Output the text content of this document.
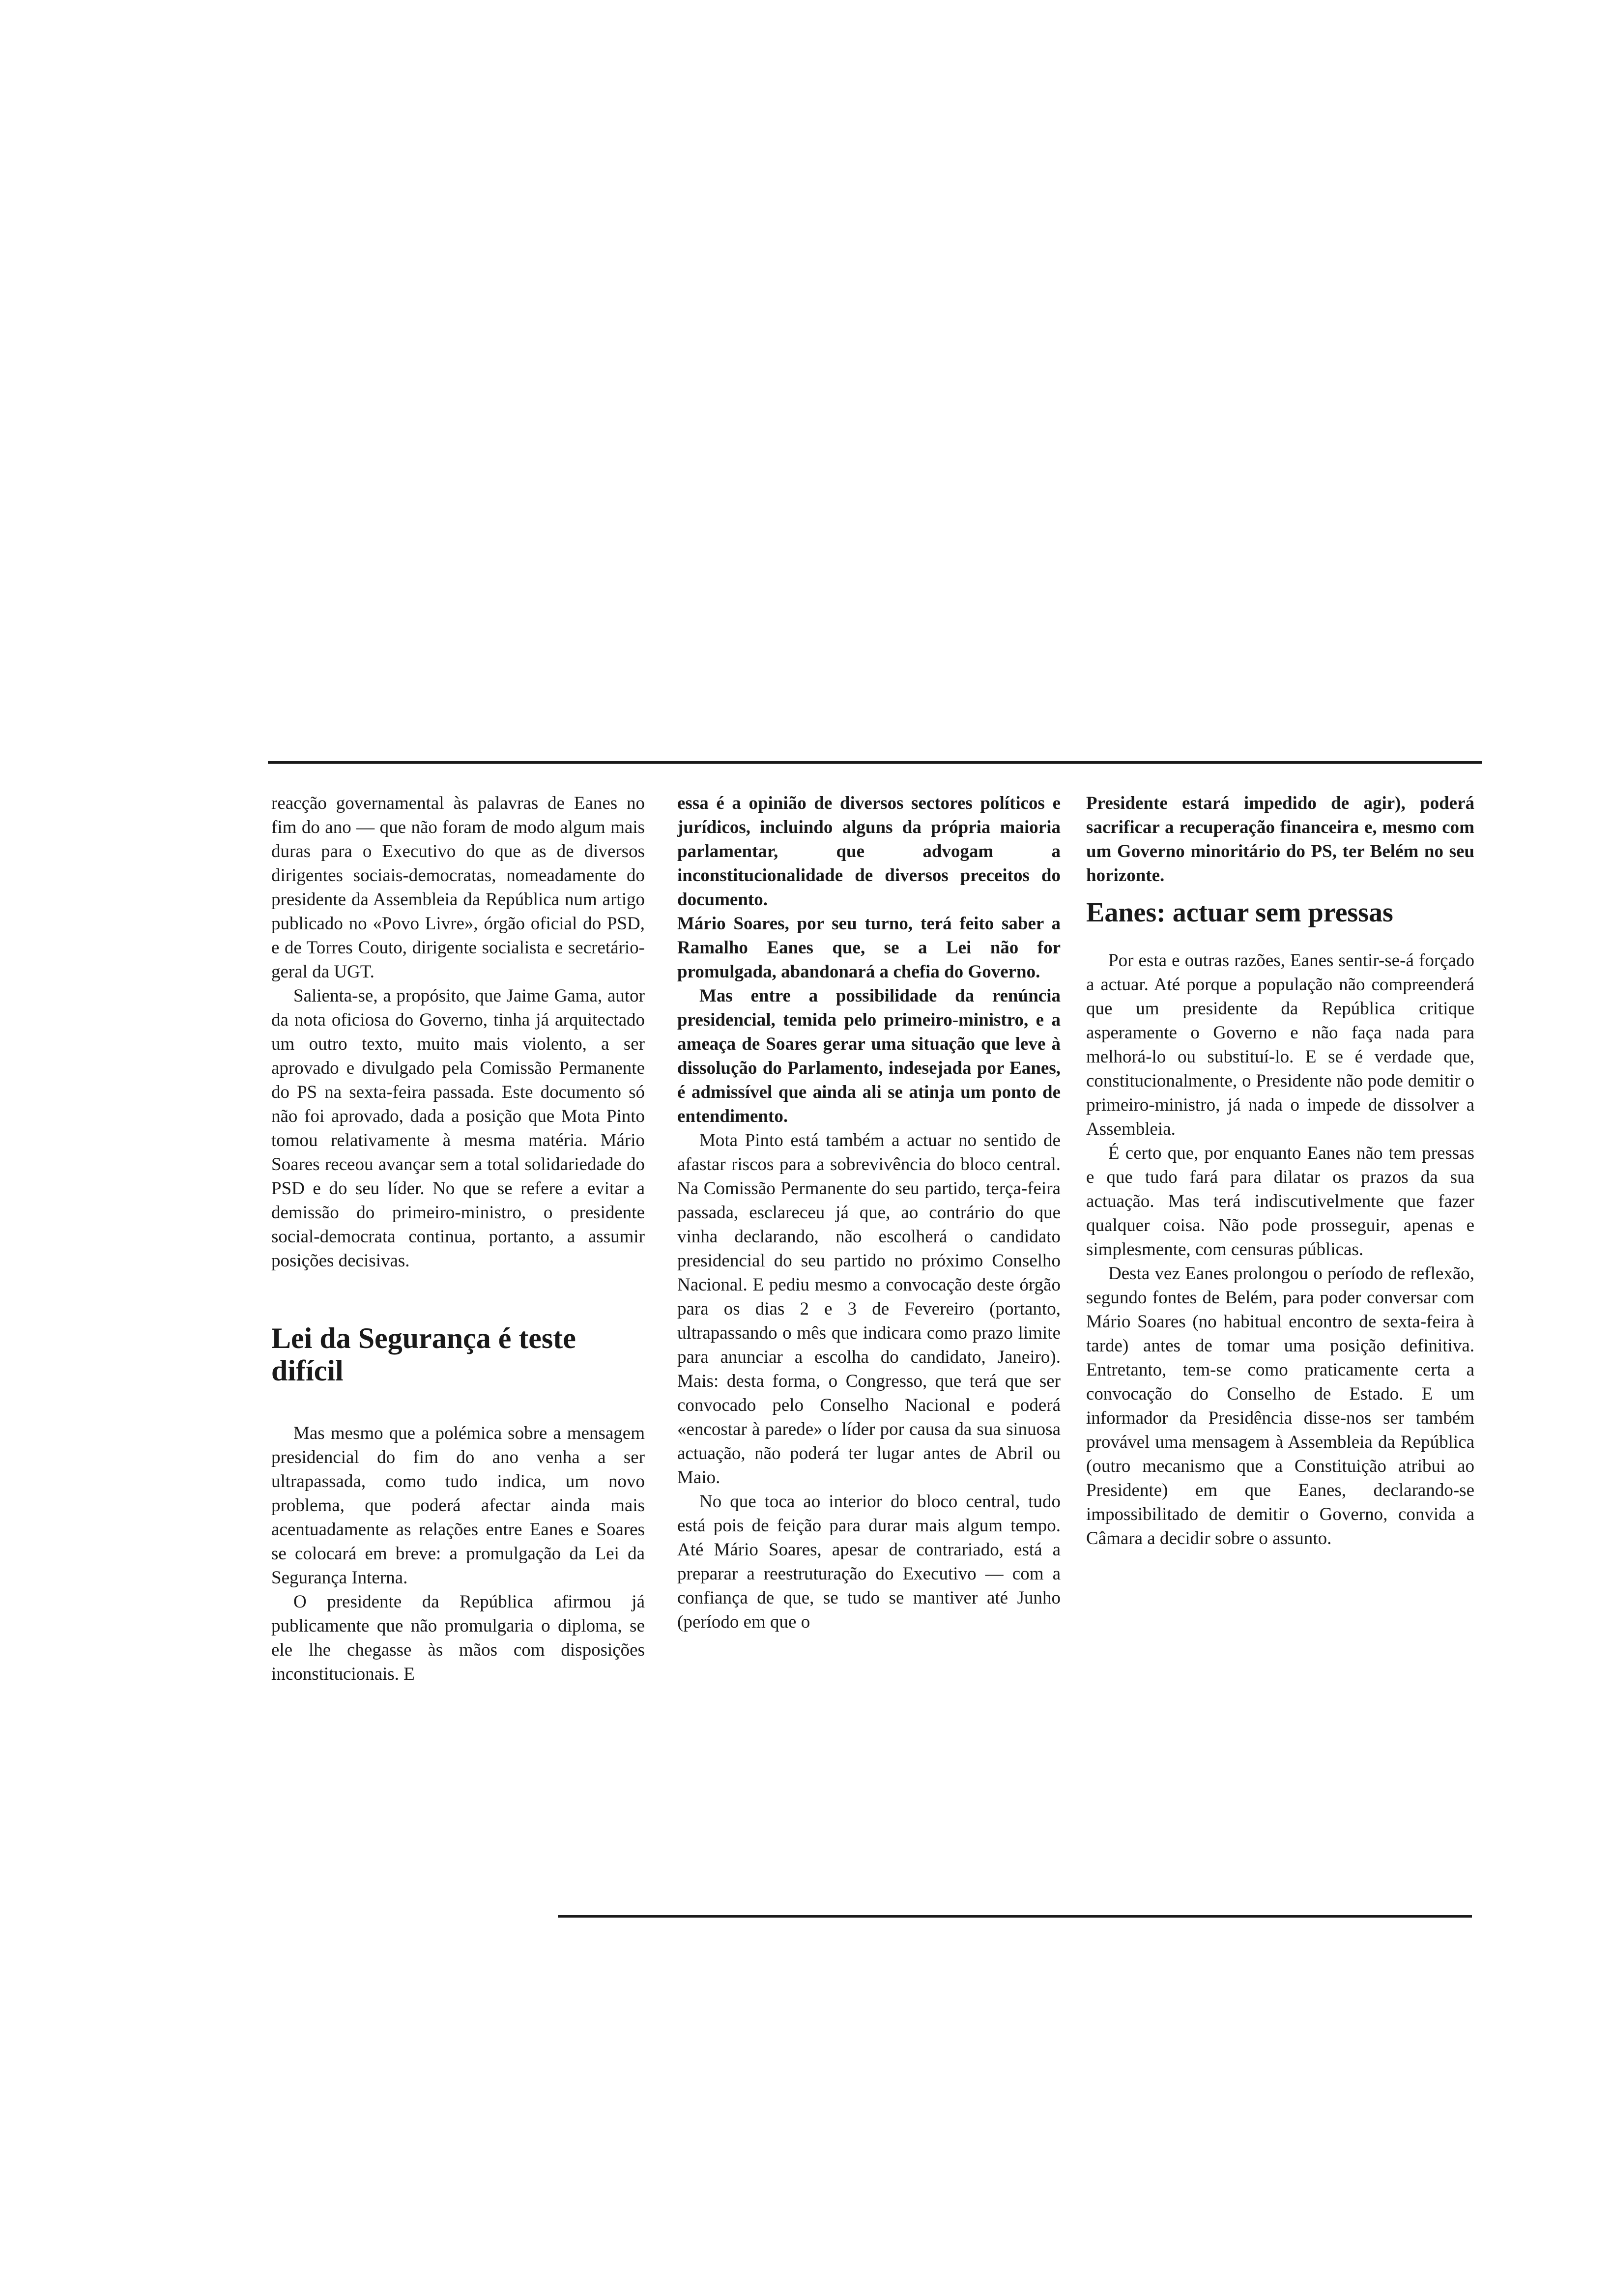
reacção governamental às palavras de Eanes no fim do ano — que não foram de modo algum mais duras para o Executivo do que as de diversos dirigentes sociais-democratas, nomeadamente do presidente da Assembleia da República num artigo publicado no «Povo Livre», órgão oficial do PSD, e de Torres Couto, dirigente socialista e secretário-geral da UGT.

Salienta-se, a propósito, que Jaime Gama, autor da nota oficiosa do Governo, tinha já arquitectado um outro texto, muito mais violento, a ser aprovado e divulgado pela Comissão Permanente do PS na sexta-feira passada. Este documento só não foi aprovado, dada a posição que Mota Pinto tomou relativamente à mesma matéria. Mário Soares receou avançar sem a total solidariedade do PSD e do seu líder. No que se refere a evitar a demissão do primeiro-ministro, o presidente social-democrata continua, portanto, a assumir posições decisivas.

Lei da Segurança é teste difícil

Mas mesmo que a polémica sobre a mensagem presidencial do fim do ano venha a ser ultrapassada, como tudo indica, um novo problema, que poderá afectar ainda mais acentuadamente as relações entre Eanes e Soares se colocará em breve: a promulgação da Lei da Segurança Interna.

O presidente da República afirmou já publicamente que não promulgaria o diploma, se ele lhe chegasse às mãos com disposições inconstitucionais. E

essa é a opinião de diversos sectores políticos e jurídicos, incluindo alguns da própria maioria parlamentar, que advogam a inconstitucionalidade de diversos preceitos do documento.

Mário Soares, por seu turno, terá feito saber a Ramalho Eanes que, se a Lei não for promulgada, abandonará a chefia do Governo.

Mas entre a possibilidade da renúncia presidencial, temida pelo primeiro-ministro, e a ameaça de Soares gerar uma situação que leve à dissolução do Parlamento, indesejada por Eanes, é admissível que ainda ali se atinja um ponto de entendimento.

Mota Pinto está também a actuar no sentido de afastar riscos para a sobrevivência do bloco central. Na Comissão Permanente do seu partido, terça-feira passada, esclareceu já que, ao contrário do que vinha declarando, não escolherá o candidato presidencial do seu partido no próximo Conselho Nacional. E pediu mesmo a convocação deste órgão para os dias 2 e 3 de Fevereiro (portanto, ultrapassando o mês que indicara como prazo limite para anunciar a escolha do candidato, Janeiro). Mais: desta forma, o Congresso, que terá que ser convocado pelo Conselho Nacional e poderá «encostar à parede» o líder por causa da sua sinuosa actuação, não poderá ter lugar antes de Abril ou Maio.

No que toca ao interior do bloco central, tudo está pois de feição para durar mais algum tempo. Até Mário Soares, apesar de contrariado, está a preparar a reestruturação do Executivo — com a confiança de que, se tudo se mantiver até Junho (período em que o

Presidente estará impedido de agir), poderá sacrificar a recuperação financeira e, mesmo com um Governo minoritário do PS, ter Belém no seu horizonte.

Eanes: actuar sem pressas

Por esta e outras razões, Eanes sentir-se-á forçado a actuar. Até porque a população não compreenderá que um presidente da República critique asperamente o Governo e não faça nada para melhorá-lo ou substituí-lo. E se é verdade que, constitucionalmente, o Presidente não pode demitir o primeiro-ministro, já nada o impede de dissolver a Assembleia.

É certo que, por enquanto Eanes não tem pressas e que tudo fará para dilatar os prazos da sua actuação. Mas terá indiscutivelmente que fazer qualquer coisa. Não pode prosseguir, apenas e simplesmente, com censuras públicas.

Desta vez Eanes prolongou o período de reflexão, segundo fontes de Belém, para poder conversar com Mário Soares (no habitual encontro de sexta-feira à tarde) antes de tomar uma posição definitiva. Entretanto, tem-se como praticamente certa a convocação do Conselho de Estado. E um informador da Presidência disse-nos ser também provável uma mensagem à Assembleia da República (outro mecanismo que a Constituição atribui ao Presidente) em que Eanes, declarando-se impossibilitado de demitir o Governo, convida a Câmara a decidir sobre o assunto.
